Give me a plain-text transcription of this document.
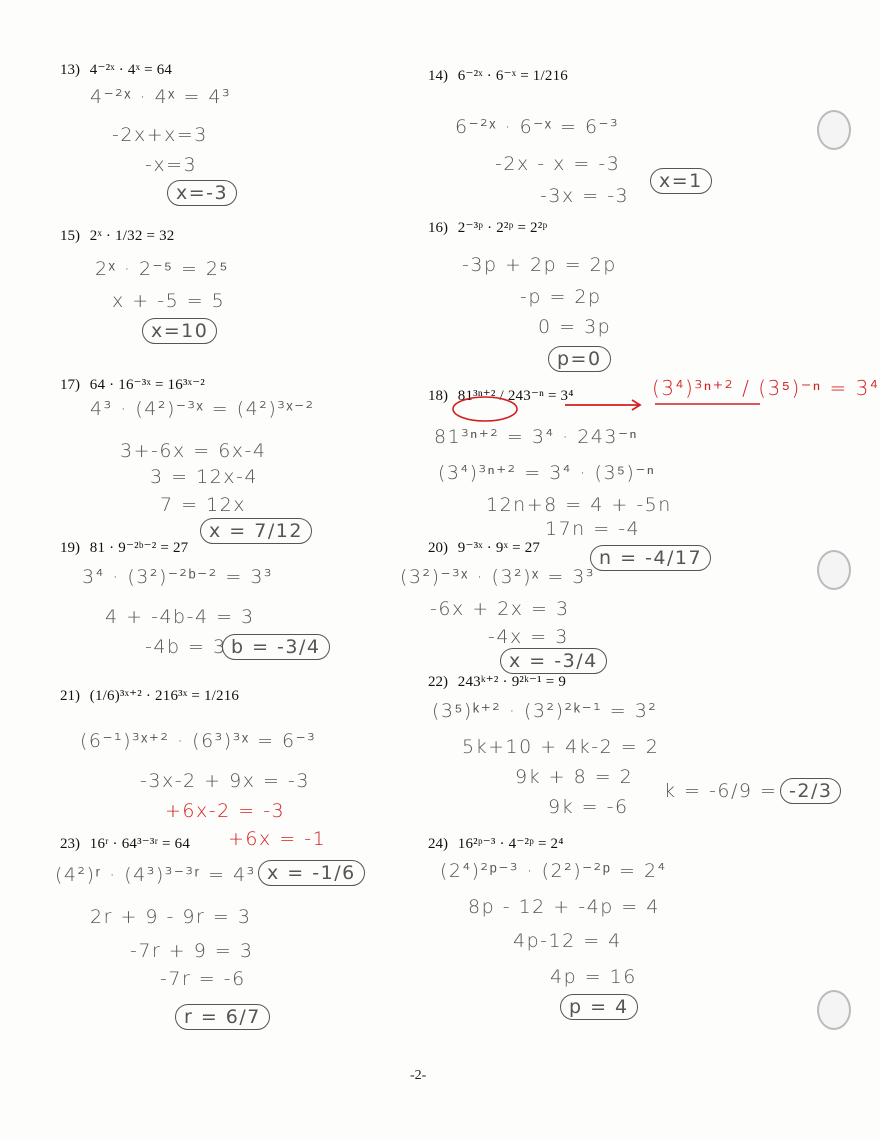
13) 4⁻²ˣ · 4ˣ = 64
4⁻²ˣ · 4ˣ = 4³
-2x+x=3
-x=3
x=-3
14) 6⁻²ˣ · 6⁻ˣ = 1/216
6⁻²ˣ · 6⁻ˣ = 6⁻³
-2x - x = -3
-3x = -3
x=1
15) 2ˣ · 1/32 = 32
2ˣ · 2⁻⁵ = 2⁵
x + -5 = 5
x=10
16) 2⁻³ᵖ · 2²ᵖ = 2²ᵖ
-3p + 2p = 2p
-p = 2p
0 = 3p
p=0
17) 64 · 16⁻³ˣ = 16³ˣ⁻²
4³ · (4²)⁻³ˣ = (4²)³ˣ⁻²
3+-6x = 6x-4
3 = 12x-4
7 = 12x
x = 7/12
18) 81³ⁿ⁺² / 243⁻ⁿ = 3⁴	(3⁴)³ⁿ⁺² / (3⁵)⁻ⁿ = 3⁴
81³ⁿ⁺² = 3⁴ · 243⁻ⁿ
(3⁴)³ⁿ⁺² = 3⁴ · (3⁵)⁻ⁿ
12n+8 = 4 + -5n
17n = -4
n = -4/17
19) 81 · 9⁻²ᵇ⁻² = 27
3⁴ · (3²)⁻²ᵇ⁻² = 3³
4 + -4b-4 = 3
-4b = 3 b = -3/4
20) 9⁻³ˣ · 9ˣ = 27
(3²)⁻³ˣ · (3²)ˣ = 3³
-6x + 2x = 3
-4x = 3
x = -3/4
21) (1/6)³ˣ⁺² · 216³ˣ = 1/216
(6⁻¹)³ˣ⁺² · (6³)³ˣ = 6⁻³
-3x-2 + 9x = -3
+6x-2 = -3
+6x = -1
x = -1/6
22) 243ᵏ⁺² · 9²ᵏ⁻¹ = 9
(3⁵)ᵏ⁺² · (3²)²ᵏ⁻¹ = 3²
5k+10 + 4k-2 = 2
9k + 8 = 2
9k = -6
k = -6/9 = -2/3
23) 16ʳ · 64³⁻³ʳ = 64
(4²)ʳ · (4³)³⁻³ʳ = 4³
2r + 9 - 9r = 3
-7r + 9 = 3
-7r = -6
r = 6/7
24) 16²ᵖ⁻³ · 4⁻²ᵖ = 2⁴
(2⁴)²ᵖ⁻³ · (2²)⁻²ᵖ = 2⁴
8p - 12 + -4p = 4
4p-12 = 4
4p = 16
p = 4
-2-
